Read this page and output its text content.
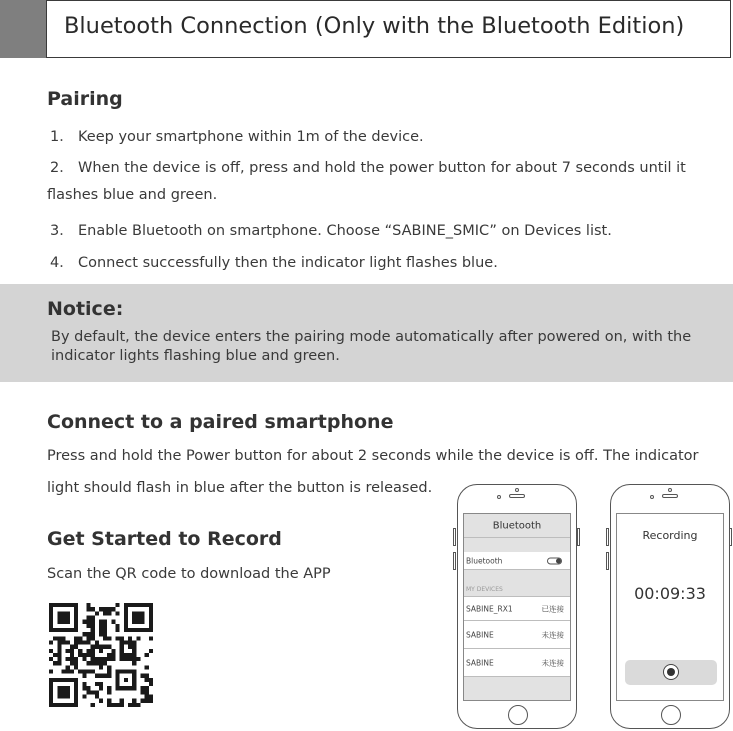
Bluetooth Connection (Only with the Bluetooth Edition)
Pairing
1． Keep your smartphone within 1m of the device.
2． When the device is off, press and hold the power button for about 7 seconds until it
flashes blue and green.
3． Enable Bluetooth on smartphone. Choose “SABINE_SMIC” on Devices list.
4． Connect successfully then the indicator light flashes blue.
Notice:
By default, the device enters the pairing mode automatically after powered on, with the indicator lights flashing blue and green.
Connect to a paired smartphone
Press and hold the Power button for about 2 seconds while the device is off. The indicator
light should flash in blue after the button is released.
Get Started to Record
Scan the QR code to download the APP
Bluetooth
Bluetooth
MY DEVICES
SABINE_RX1	已连接
SABINE	未连接
SABINE	未连接
Recording
00:09:33
